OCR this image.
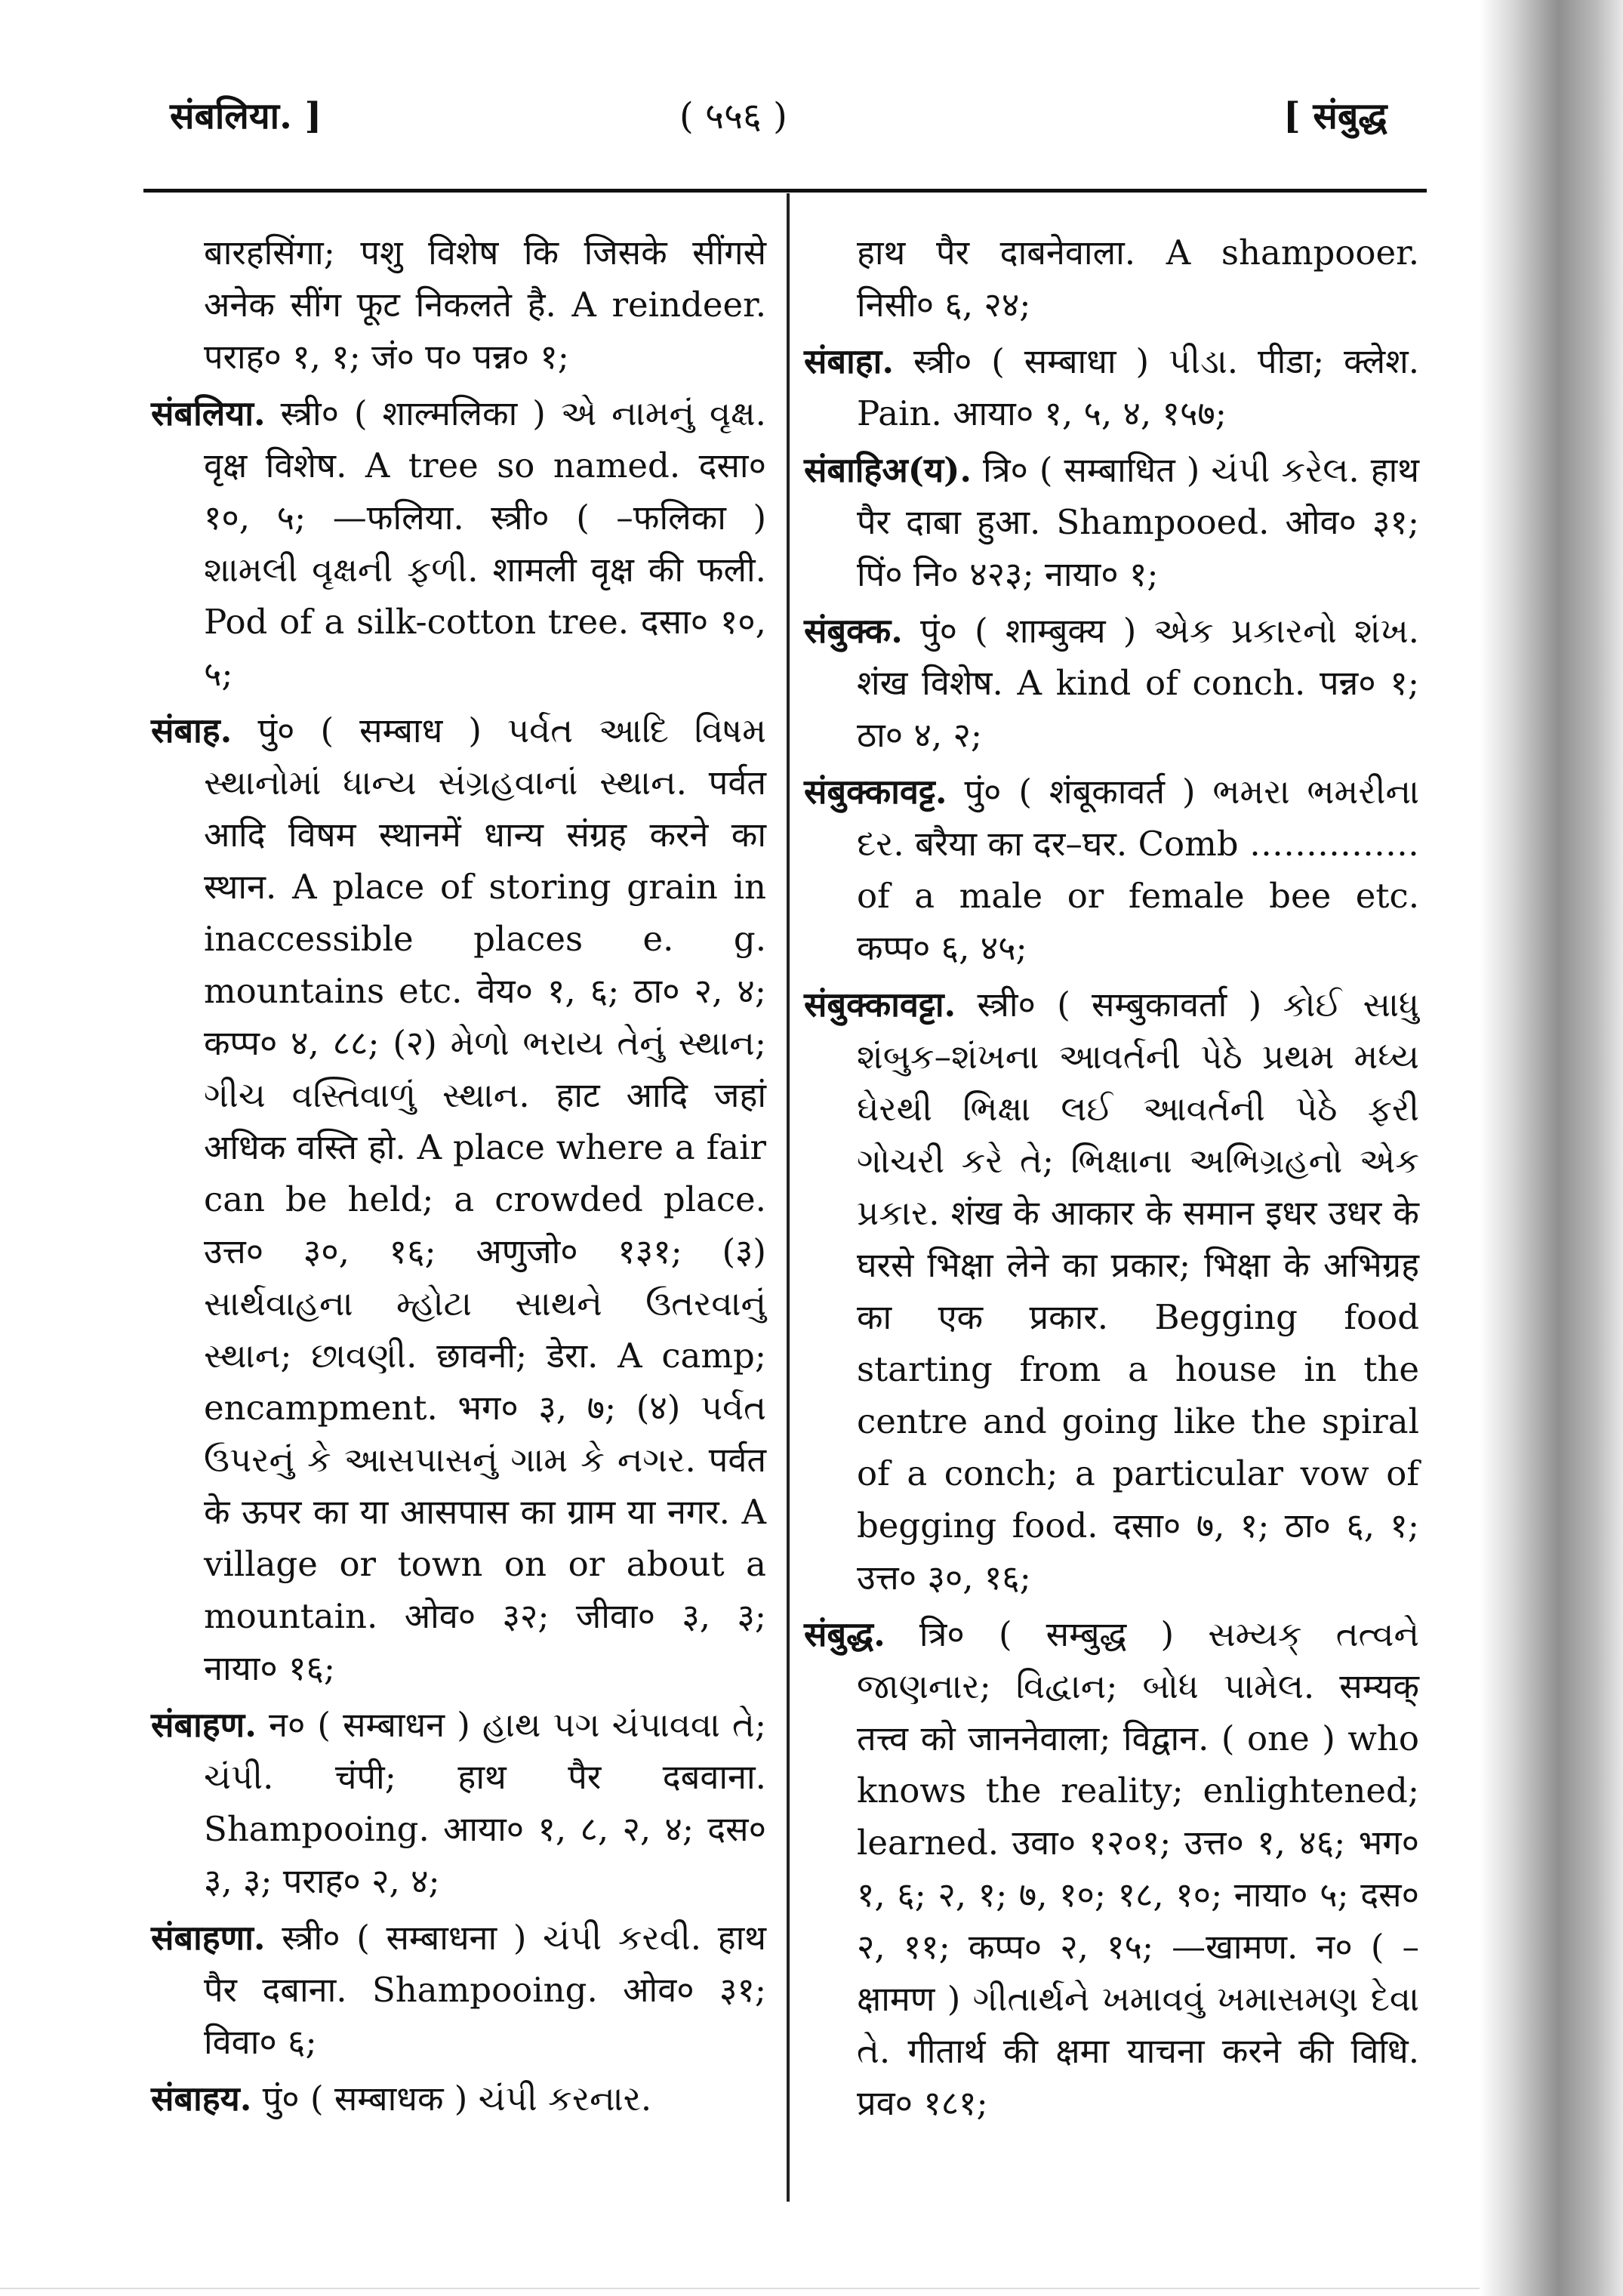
संबलिया. ]	( ५५६ )	[ संबुद्ध

बारहसिंगा; पशु विशेष कि जिसके सींगसे अनेक सींग फूट निकलते है. A reindeer. पराह० १, १; जं० प० पन्न० १;

संबलिया. स्त्री० ( शाल्मलिका ) એ નામનું વૃક્ષ. वृक्ष विशेष. A tree so named. दसा० १०, ५; —फलिया. स्त्री० ( –फलिका ) શામલી વૃક્ષની ફળી. शामली वृक्ष की फली. Pod of a silk-cotton tree. दसा० १०, ५;

संबाह. पुं० ( सम्बाध ) પર્વત આદિ વિષમ સ્થાનોમાં ધાન્ય સંગ્રહવાનાં સ્થાન. पर्वत आदि विषम स्थानमें धान्य संग्रह करने का स्थान. A place of storing grain in inaccessible places e. g. mountains etc. वेय० १, ६; ठा० २, ४; कप्प० ४, ८८; (२) મેળો ભરાય તેનું સ્થાન; ગીચ વસ્તિવાળું સ્થાન. हाट आदि जहां अधिक वस्ति हो. A place where a fair can be held; a crowded place. उत्त० ३०, १६; अणुजो० १३१; (३) સાર્થવાહના મ્હોટા સાથને ઉતરવાનું સ્થાન; છાવણી. छावनी; डेरा. A camp; encampment. भग० ३, ७; (४) પર્વત ઉપરનું કે આસપાસનું ગામ કે નગર. पर्वत के ऊपर का या आसपास का ग्राम या नगर. A village or town on or about a mountain. ओव० ३२; जीवा० ३, ३; नाया० १६;

संबाहण. न० ( सम्बाधन ) હાથ પગ ચંપાવવા તે; ચંપી. चंपी; हाथ पैर दबवाना. Shampooing. आया० १, ८, २, ४; दस० ३, ३; पराह० २, ४;

संबाहणा. स्त्री० ( सम्बाधना ) ચંપી કરવી. हाथ पैर दबाना. Shampooing. ओव० ३१; विवा० ६;

संबाहय. पुं० ( सम्बाधक ) ચંપી કરનાર.

हाथ पैर दाबनेवाला. A shampooer. निसी० ६, २४;

संबाहा. स्त्री० ( सम्बाधा ) પીડા. पीडा; क्लेश. Pain. आया० १, ५, ४, १५७;

संबाहिअ(य). त्रि० ( सम्बाधित ) ચંપી કરેલ. हाथ पैर दाबा हुआ. Shampooed. ओव० ३१; पिं० नि० ४२३; नाया० १;

संबुक्क. पुं० ( शाम्बुक्य ) એક પ્રકારનો શંખ. शंख विशेष. A kind of conch. पन्न० १; ठा० ४, २;

संबुक्कावट्ट. पुं० ( शंबूकावर्त ) ભમરા ભમરીના દર. बरैया का दर–घर. Comb ……………of a male or female bee etc. कप्प० ६, ४५;

संबुक्कावट्टा. स्त्री० ( सम्बुकावर्ता ) કોઈ સાધુ શંબુક–શંખના આવર્તની પેઠે પ્રથમ મધ્ય ઘેરથી ભિક્ષા લઈ આવર્તની પેઠે ફરી ગોચરી કરે તે; ભિક્ષાના અભિગ્રહનો એક પ્રકાર. शंख के आकार के समान इधर उधर के घरसे भिक्षा लेने का प्रकार; भिक्षा के अभिग्रह का एक प्रकार. Begging food starting from a house in the centre and going like the spiral of a conch; a particular vow of begging food. दसा० ७, १; ठा० ६, १; उत्त० ३०, १६;

संबुद्ध. त्रि० ( सम्बुद्ध ) સમ્યક્ તત્વને જાણનાર; વિદ્વાન; બોધ પામેલ. सम्यक् तत्त्व को जाननेवाला; विद्वान. ( one ) who knows the reality; enlightened; learned. उवा० १२०१; उत्त० १, ४६; भग० १, ६; २, १; ७, १०; १८, १०; नाया० ५; दस० २, ११; कप्प० २, १५; —खामण. न० ( –क्षामण ) ગીતાર્થને ખમાવવું ખમાસમણ દેવા તે. गीतार्थ की क्षमा याचना करने की विधि. प्रव० १८१;
